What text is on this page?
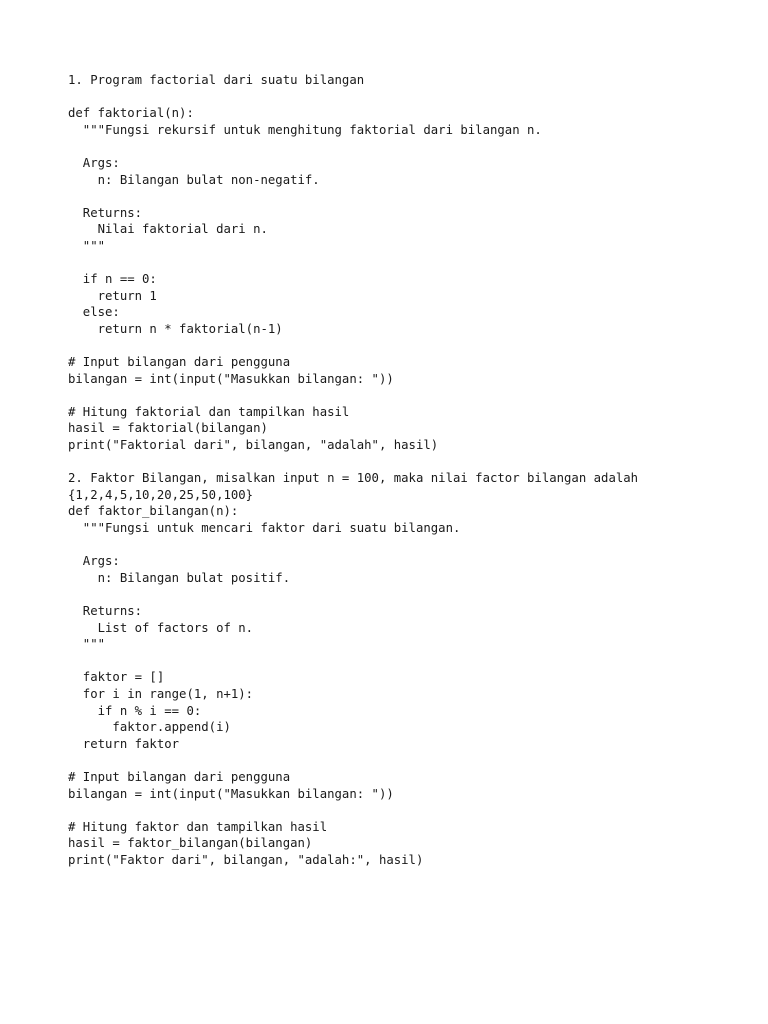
1. Program factorial dari suatu bilangan
def faktorial(n):
"""Fungsi rekursif untuk menghitung faktorial dari bilangan n.
Args:
n: Bilangan bulat non-negatif.
Returns:
Nilai faktorial dari n.
"""
if n == 0:
return 1
else:
return n * faktorial(n-1)
# Input bilangan dari pengguna
bilangan = int(input("Masukkan bilangan: "))
# Hitung faktorial dan tampilkan hasil
hasil = faktorial(bilangan)
print("Faktorial dari", bilangan, "adalah", hasil)
2. Faktor Bilangan, misalkan input n = 100, maka nilai factor bilangan adalah
{1,2,4,5,10,20,25,50,100}
def faktor_bilangan(n):
"""Fungsi untuk mencari faktor dari suatu bilangan.
Args:
n: Bilangan bulat positif.
Returns:
List of factors of n.
"""
faktor = []
for i in range(1, n+1):
if n % i == 0:
faktor.append(i)
return faktor
# Input bilangan dari pengguna
bilangan = int(input("Masukkan bilangan: "))
# Hitung faktor dan tampilkan hasil
hasil = faktor_bilangan(bilangan)
print("Faktor dari", bilangan, "adalah:", hasil)
